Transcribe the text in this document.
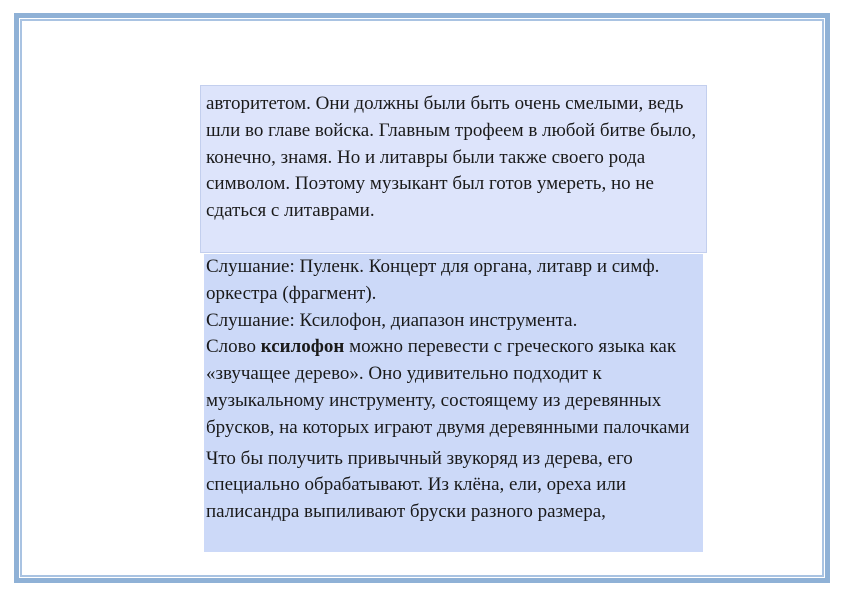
авторитетом. Они должны были быть очень смелыми, ведь шли во главе войска. Главным трофеем в любой битве было, конечно, знамя. Но и литавры были также своего рода символом. Поэтому музыкант был готов умереть, но не сдаться с литаврами.

Слушание: Пуленк. Концерт для органа, литавр и симф. оркестра (фрагмент).

Слушание: Ксилофон, диапазон инструмента.

Слово ксилофон можно перевести с греческого языка как «звучащее дерево». Оно удивительно подходит к музыкальному инструменту, состоящему из деревянных брусков, на которых играют двумя деревянными палочками

Что бы получить привычный звукоряд из дерева, его специально обрабатывают. Из клёна, ели, ореха или палисандра выпиливают бруски разного размера,
